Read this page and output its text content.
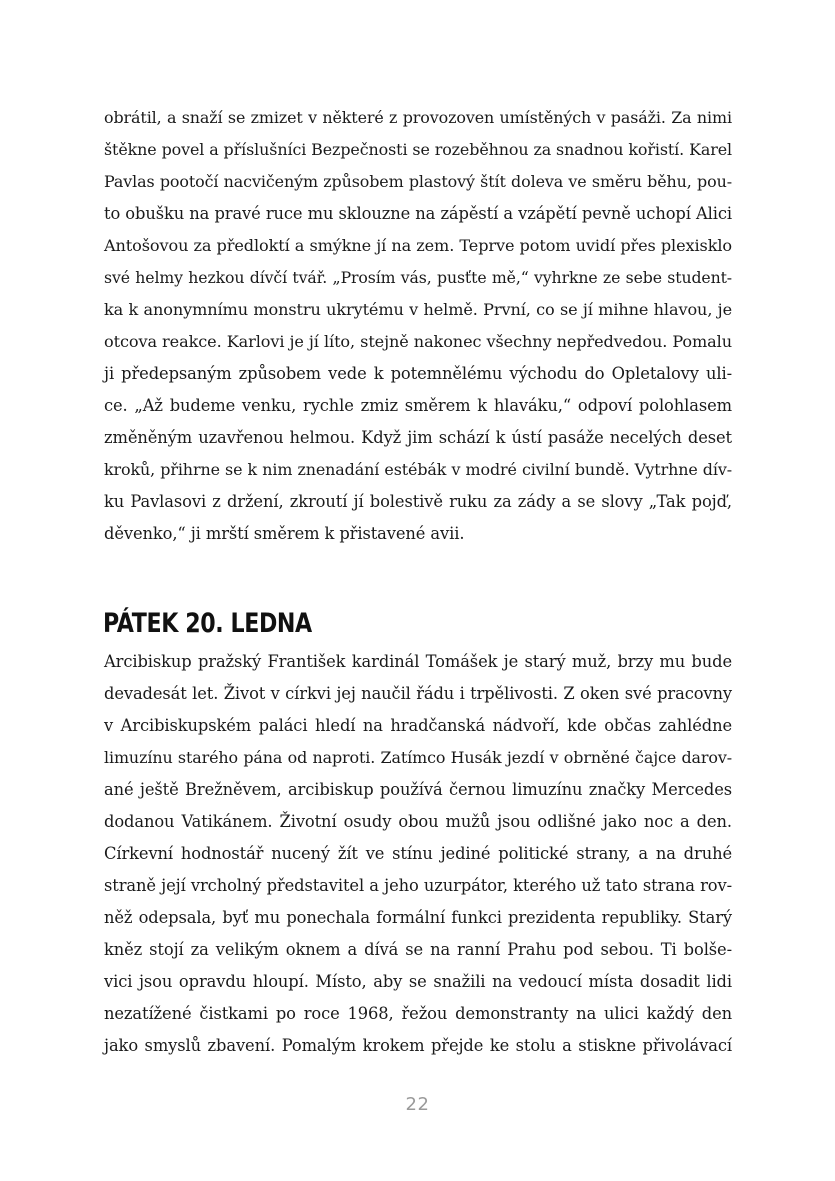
obrátil, a snaží se zmizet v některé z provozoven umístěných v pasáži. Za nimi
štěkne povel a příslušníci Bezpečnosti se rozeběhnou za snadnou kořistí. Karel
Pavlas pootočí nacvičeným způsobem plastový štít doleva ve směru běhu, pou-
to obušku na pravé ruce mu sklouzne na zápěstí a vzápětí pevně uchopí Alici
Antošovou za předloktí a smýkne jí na zem. Teprve potom uvidí přes plexisklo
své helmy hezkou dívčí tvář. „Prosím vás, pusťte mě,“ vyhrkne ze sebe student-
ka k anonymnímu monstru ukrytému v helmě. První, co se jí mihne hlavou, je
otcova reakce. Karlovi je jí líto, stejně nakonec všechny nepředvedou. Pomalu
ji předepsaným způsobem vede k potemnělému východu do Opletalovy uli-
ce. „Až budeme venku, rychle zmiz směrem k hlaváku,“ odpoví polohlasem
změněným uzavřenou helmou. Když jim schází k ústí pasáže necelých deset
kroků, přihrne se k nim znenadání estébák v modré civilní bundě. Vytrhne dív-
ku Pavlasovi z držení, zkroutí jí bolestivě ruku za zády a se slovy „Tak pojď,
děvenko,“ ji mrští směrem k přistavené avii.
PÁTEK 20. LEDNA
Arcibiskup pražský František kardinál Tomášek je starý muž, brzy mu bude
devadesát let. Život v církvi jej naučil řádu i trpělivosti. Z oken své pracovny
v Arcibiskupském paláci hledí na hradčanská nádvoří, kde občas zahlédne
limuzínu starého pána od naproti. Zatímco Husák jezdí v obrněné čajce darov-
ané ještě Brežněvem, arcibiskup používá černou limuzínu značky Mercedes
dodanou Vatikánem. Životní osudy obou mužů jsou odlišné jako noc a den.
Církevní hodnostář nucený žít ve stínu jediné politické strany, a na druhé
straně její vrcholný představitel a jeho uzurpátor, kterého už tato strana rov-
něž odepsala, byť mu ponechala formální funkci prezidenta republiky. Starý
kněz stojí za velikým oknem a dívá se na ranní Prahu pod sebou. Ti bolše-
vici jsou opravdu hloupí. Místo, aby se snažili na vedoucí místa dosadit lidi
nezatížené čistkami po roce 1968, řežou demonstranty na ulici každý den
jako smyslů zbavení. Pomalým krokem přejde ke stolu a stiskne přivolávací
22
